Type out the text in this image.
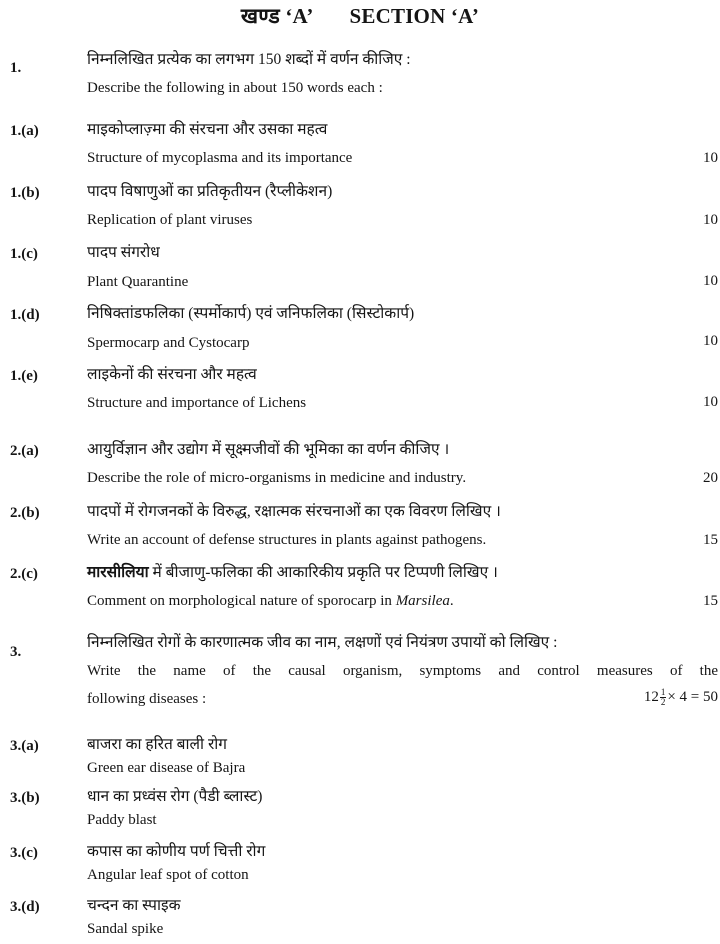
खण्ड ‘A’ SECTION ‘A’
1.	निम्नलिखित प्रत्येक का लगभग 150 शब्दों में वर्णन कीजिए :
Describe the following in about 150 words each :
1.(a)	माइकोप्लाज़्मा की संरचना और उसका महत्व
Structure of mycoplasma and its importance	10
1.(b)	पादप विषाणुओं का प्रतिकृतीयन (रैप्लीकेशन)
Replication of plant viruses	10
1.(c)	पादप संगरोध
Plant Quarantine	10
1.(d)	निषिक्तांडफलिका (स्पर्मोकार्प) एवं जनिफलिका (सिस्टोकार्प)
Spermocarp and Cystocarp	10
1.(e)	लाइकेनों की संरचना और महत्व
Structure and importance of Lichens	10
2.(a)	आयुर्विज्ञान और उद्योग में सूक्ष्मजीवों की भूमिका का वर्णन कीजिए ।
Describe the role of micro-organisms in medicine and industry.	20
2.(b)	पादपों में रोगजनकों के विरुद्ध, रक्षात्मक संरचनाओं का एक विवरण लिखिए ।
Write an account of defense structures in plants against pathogens.	15
2.(c)	मारसीलिया में बीजाणु-फलिका की आकारिकीय प्रकृति पर टिप्पणी लिखिए ।
Comment on morphological nature of sporocarp in Marsilea.	15
3.
निम्नलिखित रोगों के कारणात्मक जीव का नाम, लक्षणों एवं नियंत्रण उपायों को लिखिए :
Write the name of the causal organism, symptoms and control measures of the
following diseases :	$12 \frac{1}{2} \times 4 = 50$
3.(a)	बाजरा का हरित बाली रोग
Green ear disease of Bajra
3.(b)	धान का प्रध्वंस रोग (पैडी ब्लास्ट)
Paddy blast
3.(c)	कपास का कोणीय पर्ण चित्ती रोग
Angular leaf spot of cotton
3.(d)	चन्दन का स्पाइक
Sandal spike
